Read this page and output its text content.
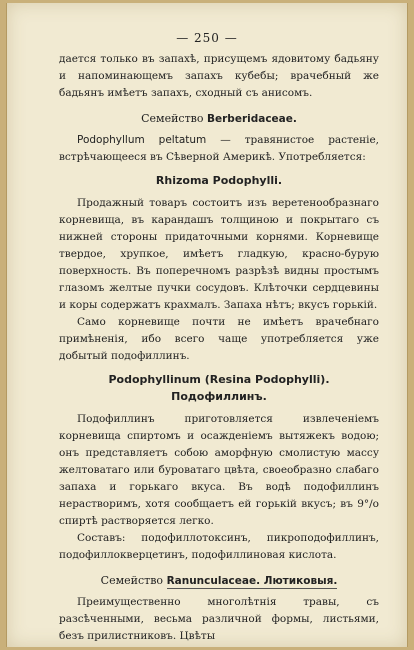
— 250 —

дается только въ запахѣ, присущемъ ядовитому бадьяну и напоминающемъ запахъ кубебы; врачебный же бадьянъ имѣетъ запахъ, сходный съ анисомъ.

Семейство Berberidaceae.

Podophyllum peltatum — травянистое растеніе, встрѣчающееся въ Сѣверной Америкѣ. Употребляется:

Rhizoma Podophylli.

Продажный товаръ состоитъ изъ веретенообразнаго корневища, въ карандашъ толщиною и покрытаго съ нижней стороны придаточными корнями. Корневище твердое, хрупкое, имѣетъ гладкую, красно-бурую поверхность. Въ поперечномъ разрѣзѣ видны простымъ глазомъ желтые пучки сосудовъ. Клѣточки сердцевины и коры содержатъ крахмалъ. Запаха нѣтъ; вкусъ горькій.

Само корневище почти не имѣетъ врачебнаго примѣненія, ибо всего чаще употребляется уже добытый подофиллинъ.

Podophyllinum (Resina Podophylli). Подофиллинъ.

Подофиллинъ приготовляется извлеченіемъ корневища спиртомъ и осажденіемъ вытяжекъ водою; онъ представляетъ собою аморфную смолистую массу желтоватаго или буроватаго цвѣта, своеобразно слабаго запаха и горькаго вкуса. Въ водѣ подофиллинъ нерастворимъ, хотя сообщаетъ ей горькій вкусъ; въ 9°/o спиртѣ растворяется легко.

Составъ: подофиллотоксинъ, пикроподофиллинъ, подофиллокверцетинъ, подофиллиновая кислота.

Семейство Ranunculaceae. Лютиковыя.

Преимущественно многолѣтнія травы, съ разсѣченными, весьма различной формы, листьями, безъ прилистниковъ. Цвѣты
